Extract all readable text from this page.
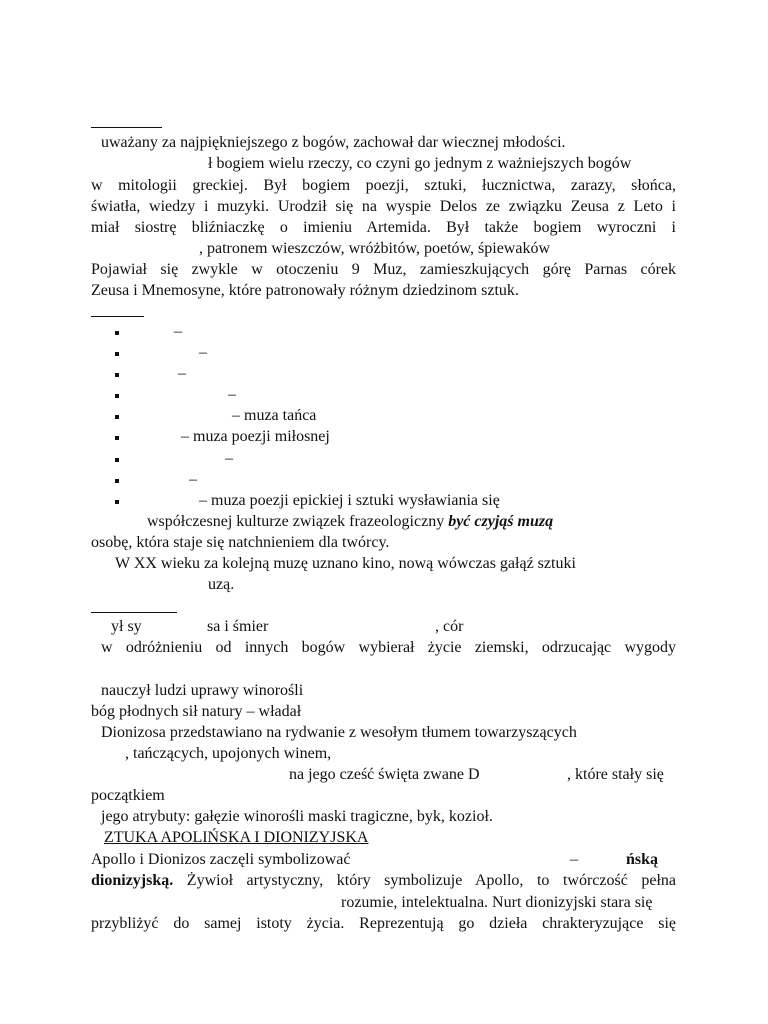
uważany za najpiękniejszego z bogów, zachował dar wiecznej młodości.
ł bogiem wielu rzeczy, co czyni go jednym z ważniejszych bogów
w mitologii greckiej. Był bogiem poezji, sztuki, łucznictwa, zarazy, słońca,
światła, wiedzy i muzyki. Urodził się na wyspie Delos ze związku Zeusa z Leto i
miał siostrę bliźniaczkę o imieniu Artemida. Był także bogiem wyroczni i
, patronem wieszczów, wróżbitów, poetów, śpiewaków
Pojawiał się zwykle w otoczeniu 9 Muz, zamieszkujących górę Parnas córek
Zeusa i Mnemosyne, które patronowały różnym dziedzinom sztuk.
–
–
–
–
– muza tańca
– muza poezji miłosnej
–
–
– muza poezji epickiej i sztuki wysławiania się
współczesnej kulturze związek frazeologiczny być czyjąś muzą
osobę, która staje się natchnieniem dla twórcy.
W XX wieku za kolejną muzę uznano kino, nową wówczas gałąź sztuki
uzą.
ył sy	sa i śmier	, cór
w odróżnieniu od innych bogów wybierał życie ziemski, odrzucając wygody
nauczył ludzi uprawy winorośli
bóg płodnych sił natury – władał
Dionizosa przedstawiano na rydwanie z wesołym tłumem towarzyszących
, tańczących, upojonych winem,
na jego cześć święta zwane D	, które stały się
początkiem
jego atrybuty: gałęzie winorośli maski tragiczne, byk, kozioł.
ZTUKA APOLIŃSKA I DIONIZYJSKA
Apollo i Dionizos zaczęli symbolizować	–	ńską
dionizyjską. Żywioł artystyczny, który symbolizuje Apollo, to twórczość pełna
rozumie, intelektualna. Nurt dionizyjski stara się
przybliżyć do samej istoty życia. Reprezentują go dzieła chrakteryzujące się
